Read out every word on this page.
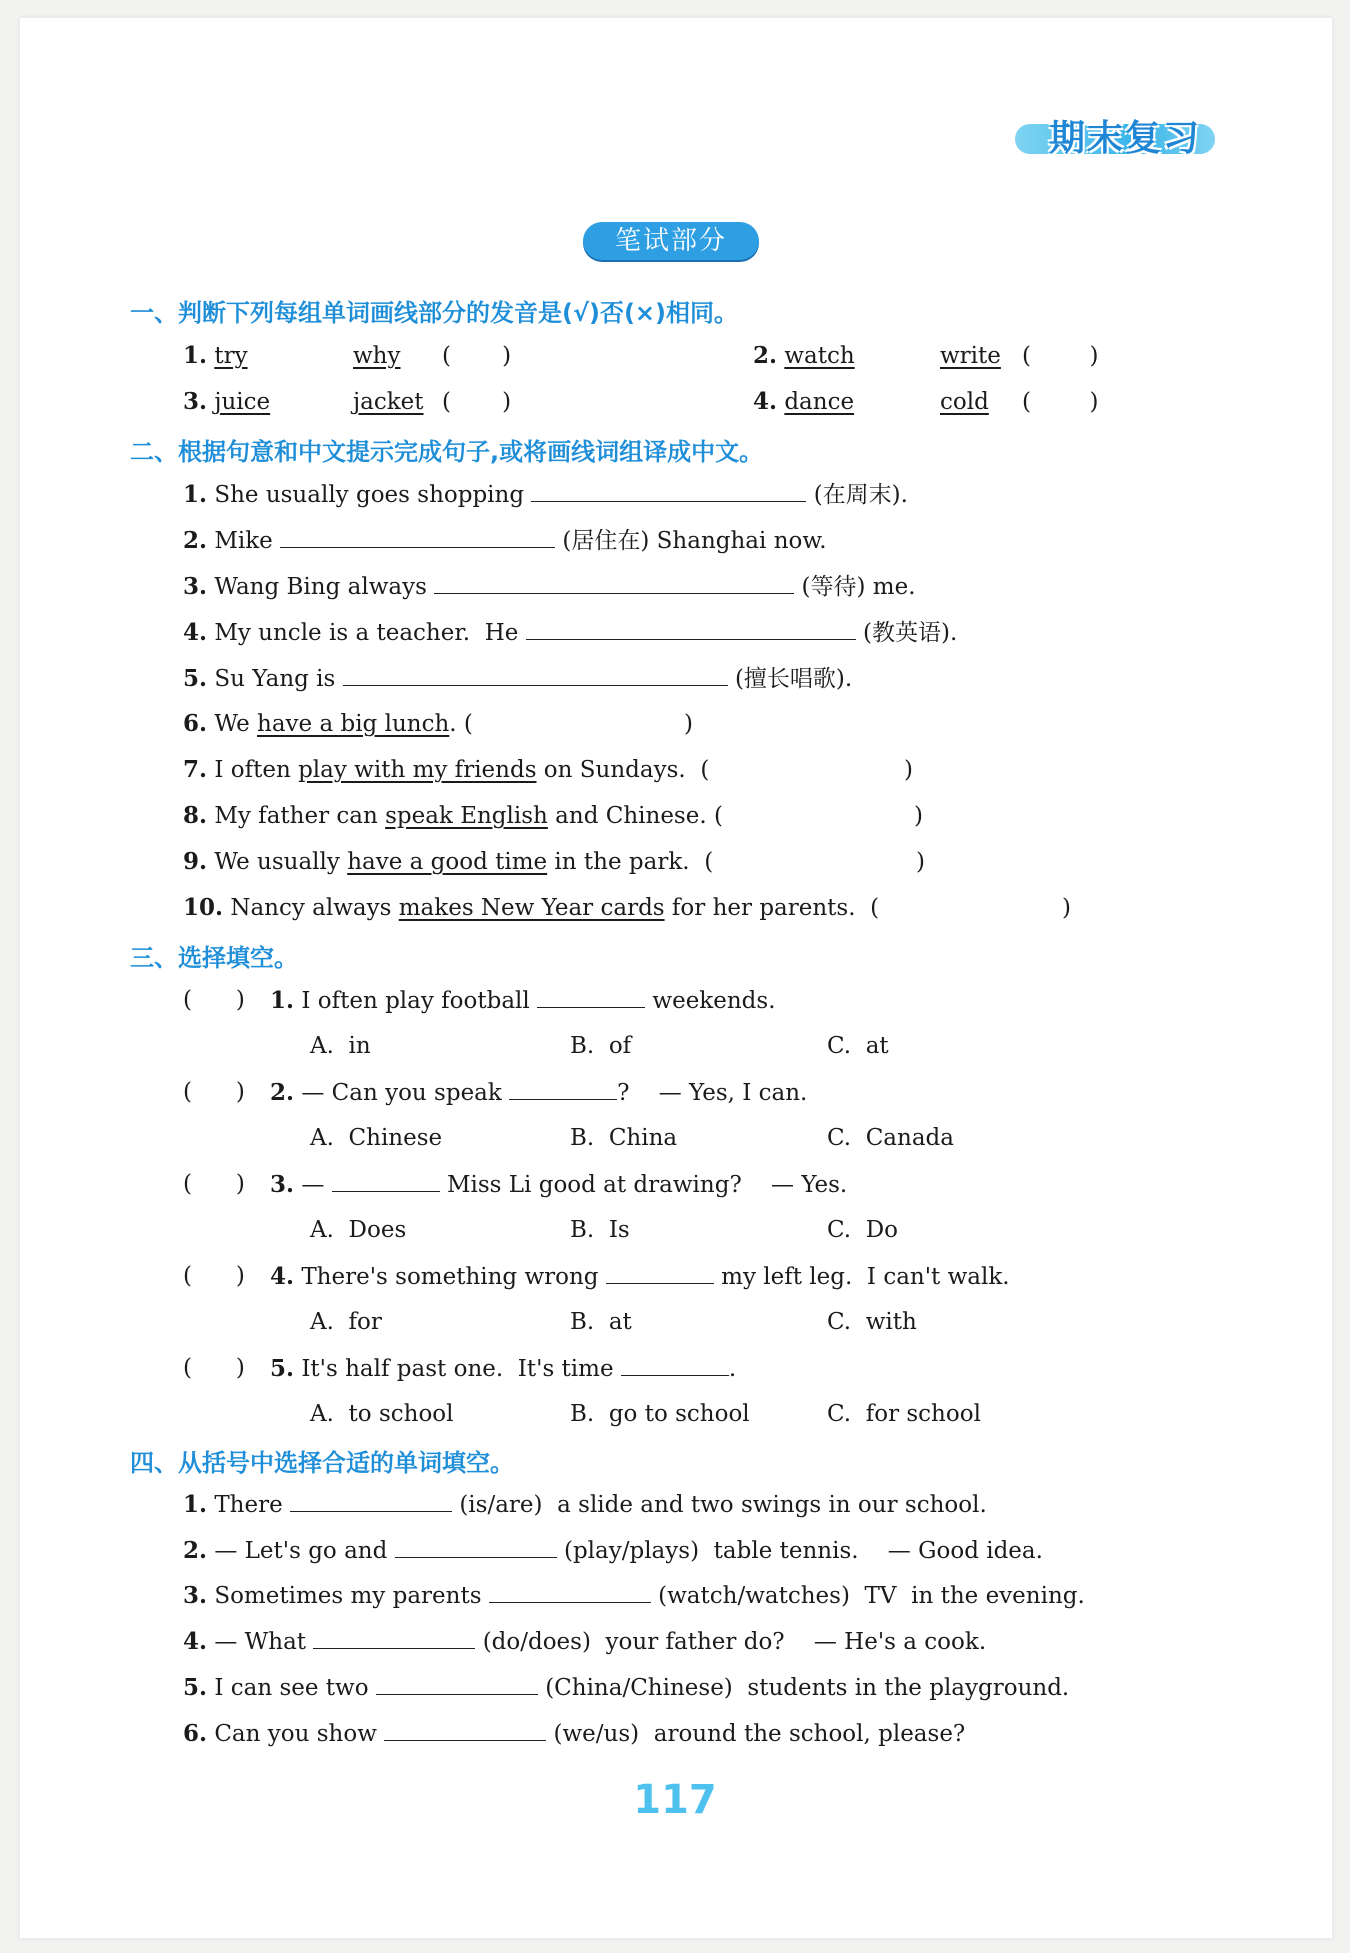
期末复习
笔试部分
一、判断下列每组单词画线部分的发音是(√)否(×)相同。
1. try	why (       )	2. watch	write (        )
3. juice	jacket (       )	4. dance	cold (        )
二、根据句意和中文提示完成句子,或将画线词组译成中文。
1. She usually goes shopping	(在周末).
2. Mike	(居住在) Shanghai now.
3. Wang Bing always	(等待) me.
4. My uncle is a teacher.  He	(教英语).
5. Su Yang is	(擅长唱歌).
6. We have a big lunch. (	)
7. I often play with my friends on Sundays.  (	)
8. My father can speak English and Chinese. (	)
9. We usually have a good time in the park.  (	)
10. Nancy always makes New Year cards for her parents.  (	)
三、选择填空。
(      ) 1. I often play football	weekends.
A.  in	B.  of	C.  at
(      ) 2. — Can you speak	?    — Yes, I can.
A.  Chinese	B.  China	C.  Canada
(      ) 3. —	Miss Li good at drawing?    — Yes.
A.  Does	B.  Is	C.  Do
(      ) 4. There's something wrong	my left leg.  I can't walk.
A.  for	B.  at	C.  with
(      ) 5. It's half past one.  It's time	.
A.  to school	B.  go to school	C.  for school
四、从括号中选择合适的单词填空。
1. There	(is/are)  a slide and two swings in our school.
2. — Let's go and	(play/plays)  table tennis.    — Good idea.
3. Sometimes my parents	(watch/watches)  TV  in the evening.
4. — What	(do/does)  your father do?    — He's a cook.
5. I can see two	(China/Chinese)  students in the playground.
6. Can you show	(we/us)  around the school, please?
117
